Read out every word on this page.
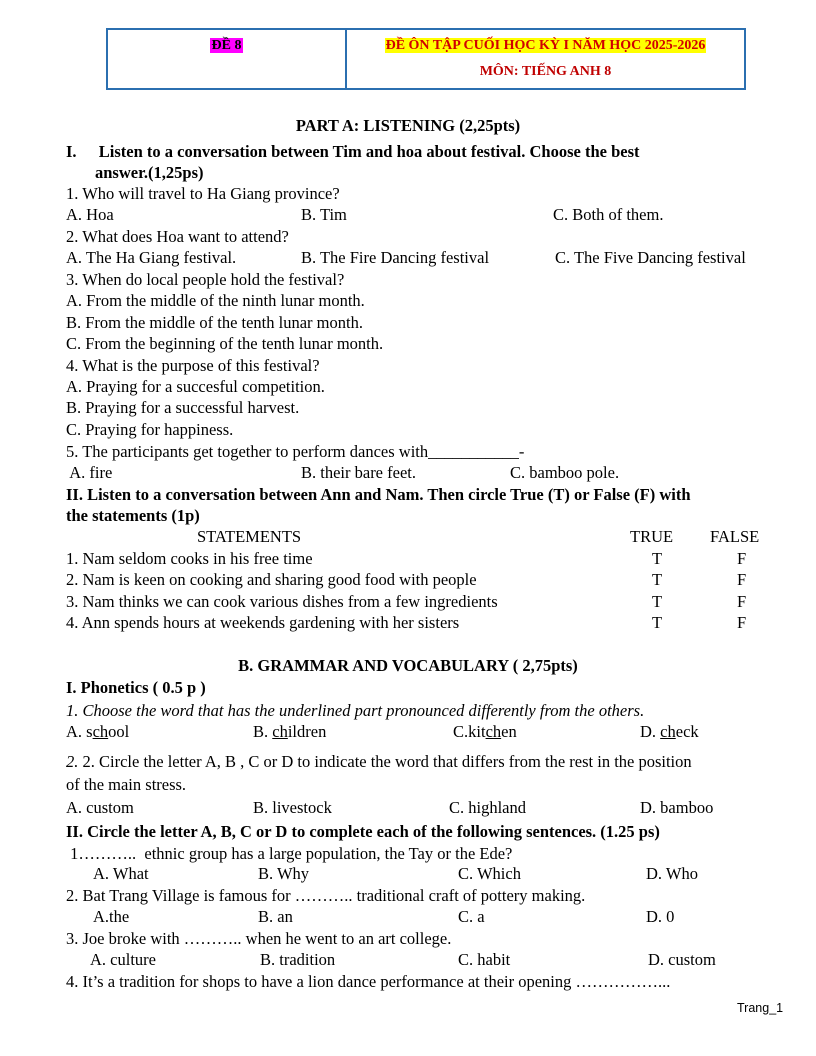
ĐỀ 8	ĐỀ ÔN TẬP CUỐI HỌC KỲ I NĂM HỌC 2025-2026
MÔN: TIẾNG ANH 8
PART A: LISTENING (2,25pts)
I. Listen to a conversation between Tim and hoa about festival. Choose the best
answer.(1,25ps)
1. Who will travel to Ha Giang province?
A. Hoa	B. Tim	C. Both of them.
2. What does Hoa want to attend?
A. The Ha Giang festival.	B. The Fire Dancing festival	C. The Five Dancing festival
3. When do local people hold the festival?
A. From the middle of the ninth lunar month.
B. From the middle of the tenth lunar month.
C. From the beginning of the tenth lunar month.
4. What is the purpose of this festival?
A. Praying for a succesful competition.
B. Praying for a successful harvest.
C. Praying for happiness.
5. The participants get together to perform dances with___________-
A. fire	B. their bare feet.	C. bamboo pole.
II. Listen to a conversation between Ann and Nam. Then circle True (T) or False (F) with
the statements (1p)
STATEMENTS	TRUE FALSE
1. Nam seldom cooks in his free time	T	F
2. Nam is keen on cooking and sharing good food with people	T	F
3. Nam thinks we can cook various dishes from a few ingredients	T	F
4. Ann spends hours at weekends gardening with her sisters	T	F
B. GRAMMAR AND VOCABULARY ( 2,75pts)
I. Phonetics ( 0.5 p )
1. Choose the word that has the underlined part pronounced differently from the others.
A. school	B. children	C.kitchen	D. check
2. 2. Circle the letter A, B , C or D to indicate the word that differs from the rest in the position
of the main stress.
A. custom	B. livestock	C. highland	D. bamboo
II. Circle the letter A, B, C or D to complete each of the following sentences. (1.25 ps)
1………..  ethnic group has a large population, the Tay or the Ede?
A. What	B. Why	C. Which	D. Who
2. Bat Trang Village is famous for ……….. traditional craft of pottery making.
A.the	B. an	C. a	D. 0
3. Joe broke with ……….. when he went to an art college.
A. culture	B. tradition	C. habit	D. custom
4. It’s a tradition for shops to have a lion dance performance at their opening ……………...
Trang_1
